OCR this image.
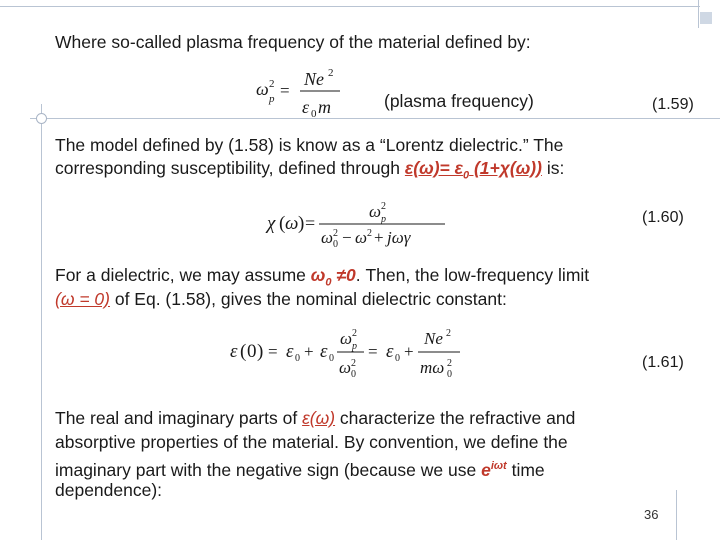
Where so-called plasma frequency of the material defined by:
ω 2
p =
Ne 2
ε 0 m	(plasma frequency)	(1.59)
The model defined by (1.58) is know as a “Lorentz dielectric.” The
corresponding susceptibility, defined through $\varepsilon(\omega)= \varepsilon_0$ (1+χ(ω)) is:
χ ( ω ) =
ω 2
p
ω 2
0 − ω 2 + jωγ
(1.60)
For a dielectric, we may assume $\omega_0 \ne 0$. Then, the low-frequency limit
(ω = 0) of Eq. (1.58), gives the nominal dielectric constant:
ε ( 0 ) = ε 0 + ε 0
ω 2
p
ω 2
0
= ε 0 +
Ne 2
mω 2
0
(1.61)
The real and imaginary parts of ε(ω) characterize the refractive and
absorptive properties of the material. By convention, we define the
imaginary part with the negative sign (because we use $e^{i\omega t}$ time
dependence):
36
